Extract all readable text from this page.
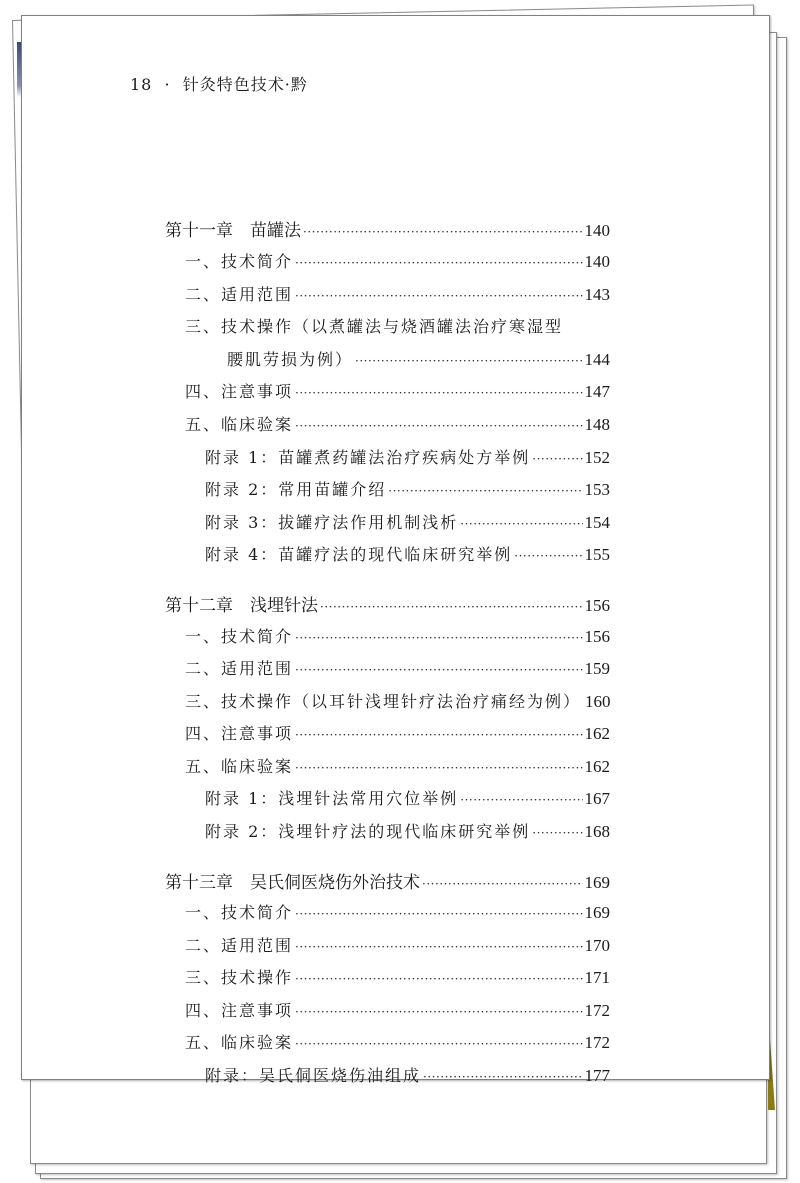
18 · 针灸特色技术·黔
第十一章　苗罐法 ·····	140
一、技术简介 ·····	140
二、适用范围 ·····	143
三、技术操作（以煮罐法与烧酒罐法治疗寒湿型
腰肌劳损为例） ·····	144
四、注意事项 ·····	147
五、临床验案 ·····	148
附录 1：苗罐煮药罐法治疗疾病处方举例 ·····	152
附录 2：常用苗罐介绍 ·····	153
附录 3：拔罐疗法作用机制浅析 ·····	154
附录 4：苗罐疗法的现代临床研究举例 ·····	155
第十二章　浅埋针法 ·····	156
一、技术简介 ·····	156
二、适用范围 ·····	159
三、技术操作（以耳针浅埋针疗法治疗痛经为例） 160
四、注意事项 ·····	162
五、临床验案 ·····	162
附录 1：浅埋针法常用穴位举例 ·····	167
附录 2：浅埋针疗法的现代临床研究举例 ·····	168
第十三章　吴氏侗医烧伤外治技术 ·····	169
一、技术简介 ·····	169
二、适用范围 ·····	170
三、技术操作 ·····	171
四、注意事项 ·····	172
五、临床验案 ·····	172
附录：吴氏侗医烧伤油组成 ·····	177
